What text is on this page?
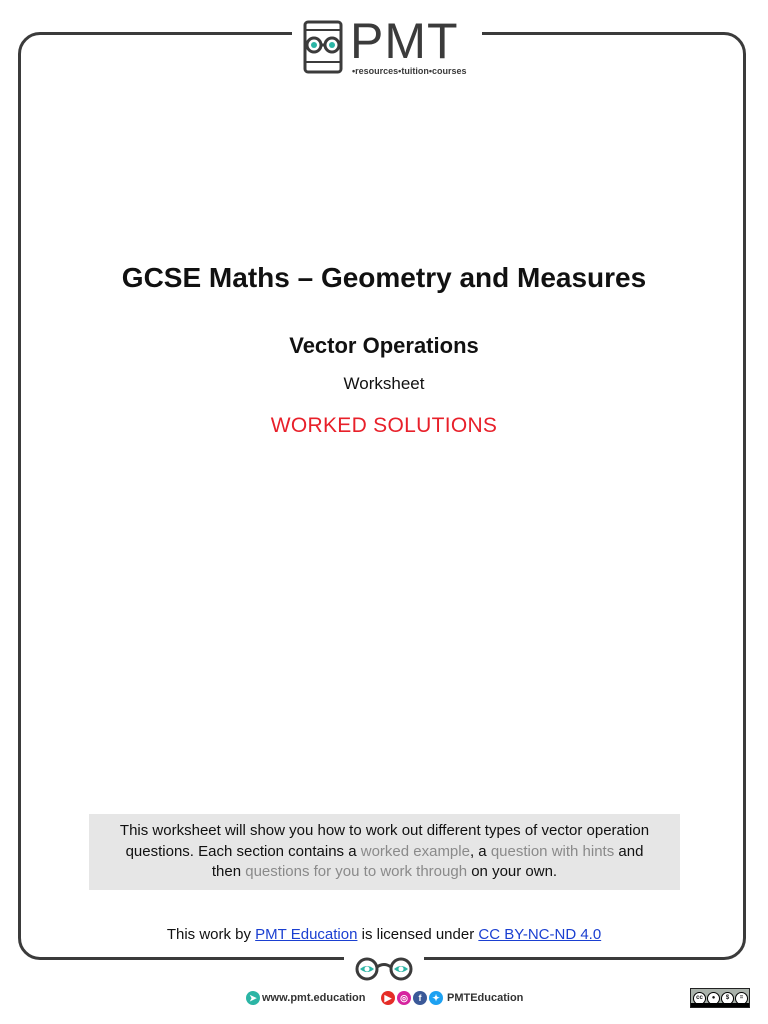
PMT
•resources•tuition•courses
GCSE Maths – Geometry and Measures
Vector Operations
Worksheet
WORKED SOLUTIONS
This worksheet will show you how to work out different types of vector operation questions. Each section contains a worked example, a question with hints and then questions for you to work through on your own.
This work by PMT Education is licensed under CC BY-NC-ND 4.0
➤ www.pmt.education	▶ ◎	f	✦ PMTEducation	cc	●	$	=
